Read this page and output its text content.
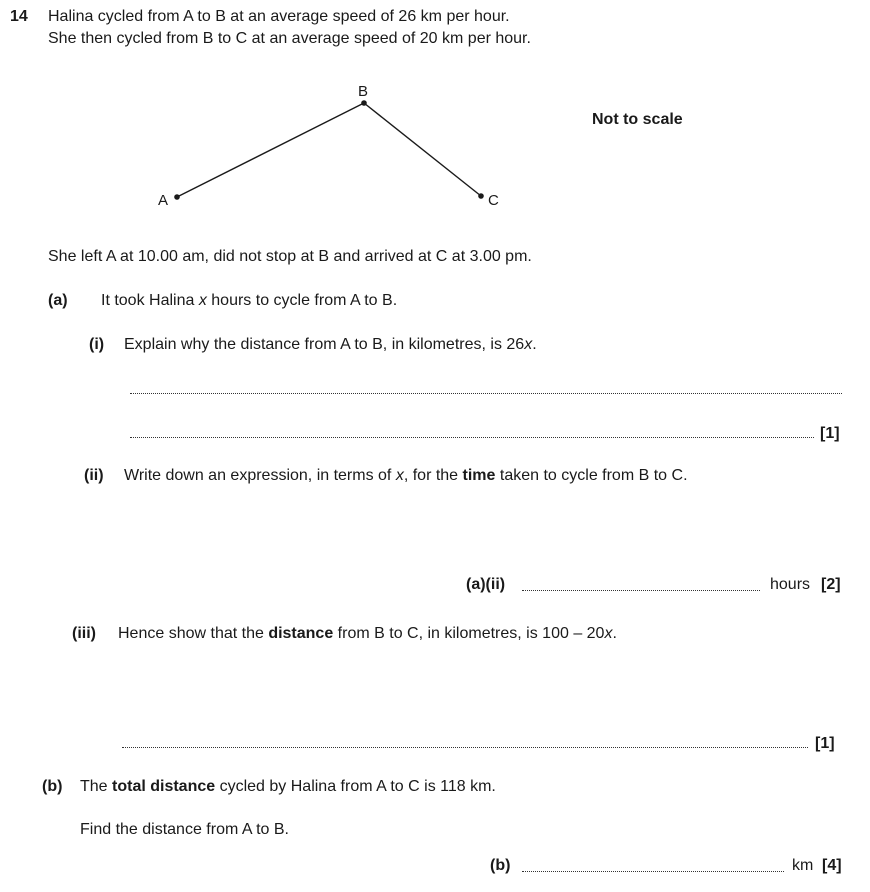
14 Halina cycled from A to B at an average speed of 26 km per hour.
She then cycled from B to C at an average speed of 20 km per hour.
B
A	C
Not to scale
She left A at 10.00 am, did not stop at B and arrived at C at 3.00 pm.
(a) It took Halina x hours to cycle from A to B.
(i) Explain why the distance from A to B, in kilometres, is 26x.
[1]
(ii) Write down an expression, in terms of x, for the time taken to cycle from B to C.
(a)(ii)	hours [2]
(iii) Hence show that the distance from B to C, in kilometres, is 100 – 20x.
[1]
(b) The total distance cycled by Halina from A to C is 118 km.
Find the distance from A to B.
(b)	km [4]
